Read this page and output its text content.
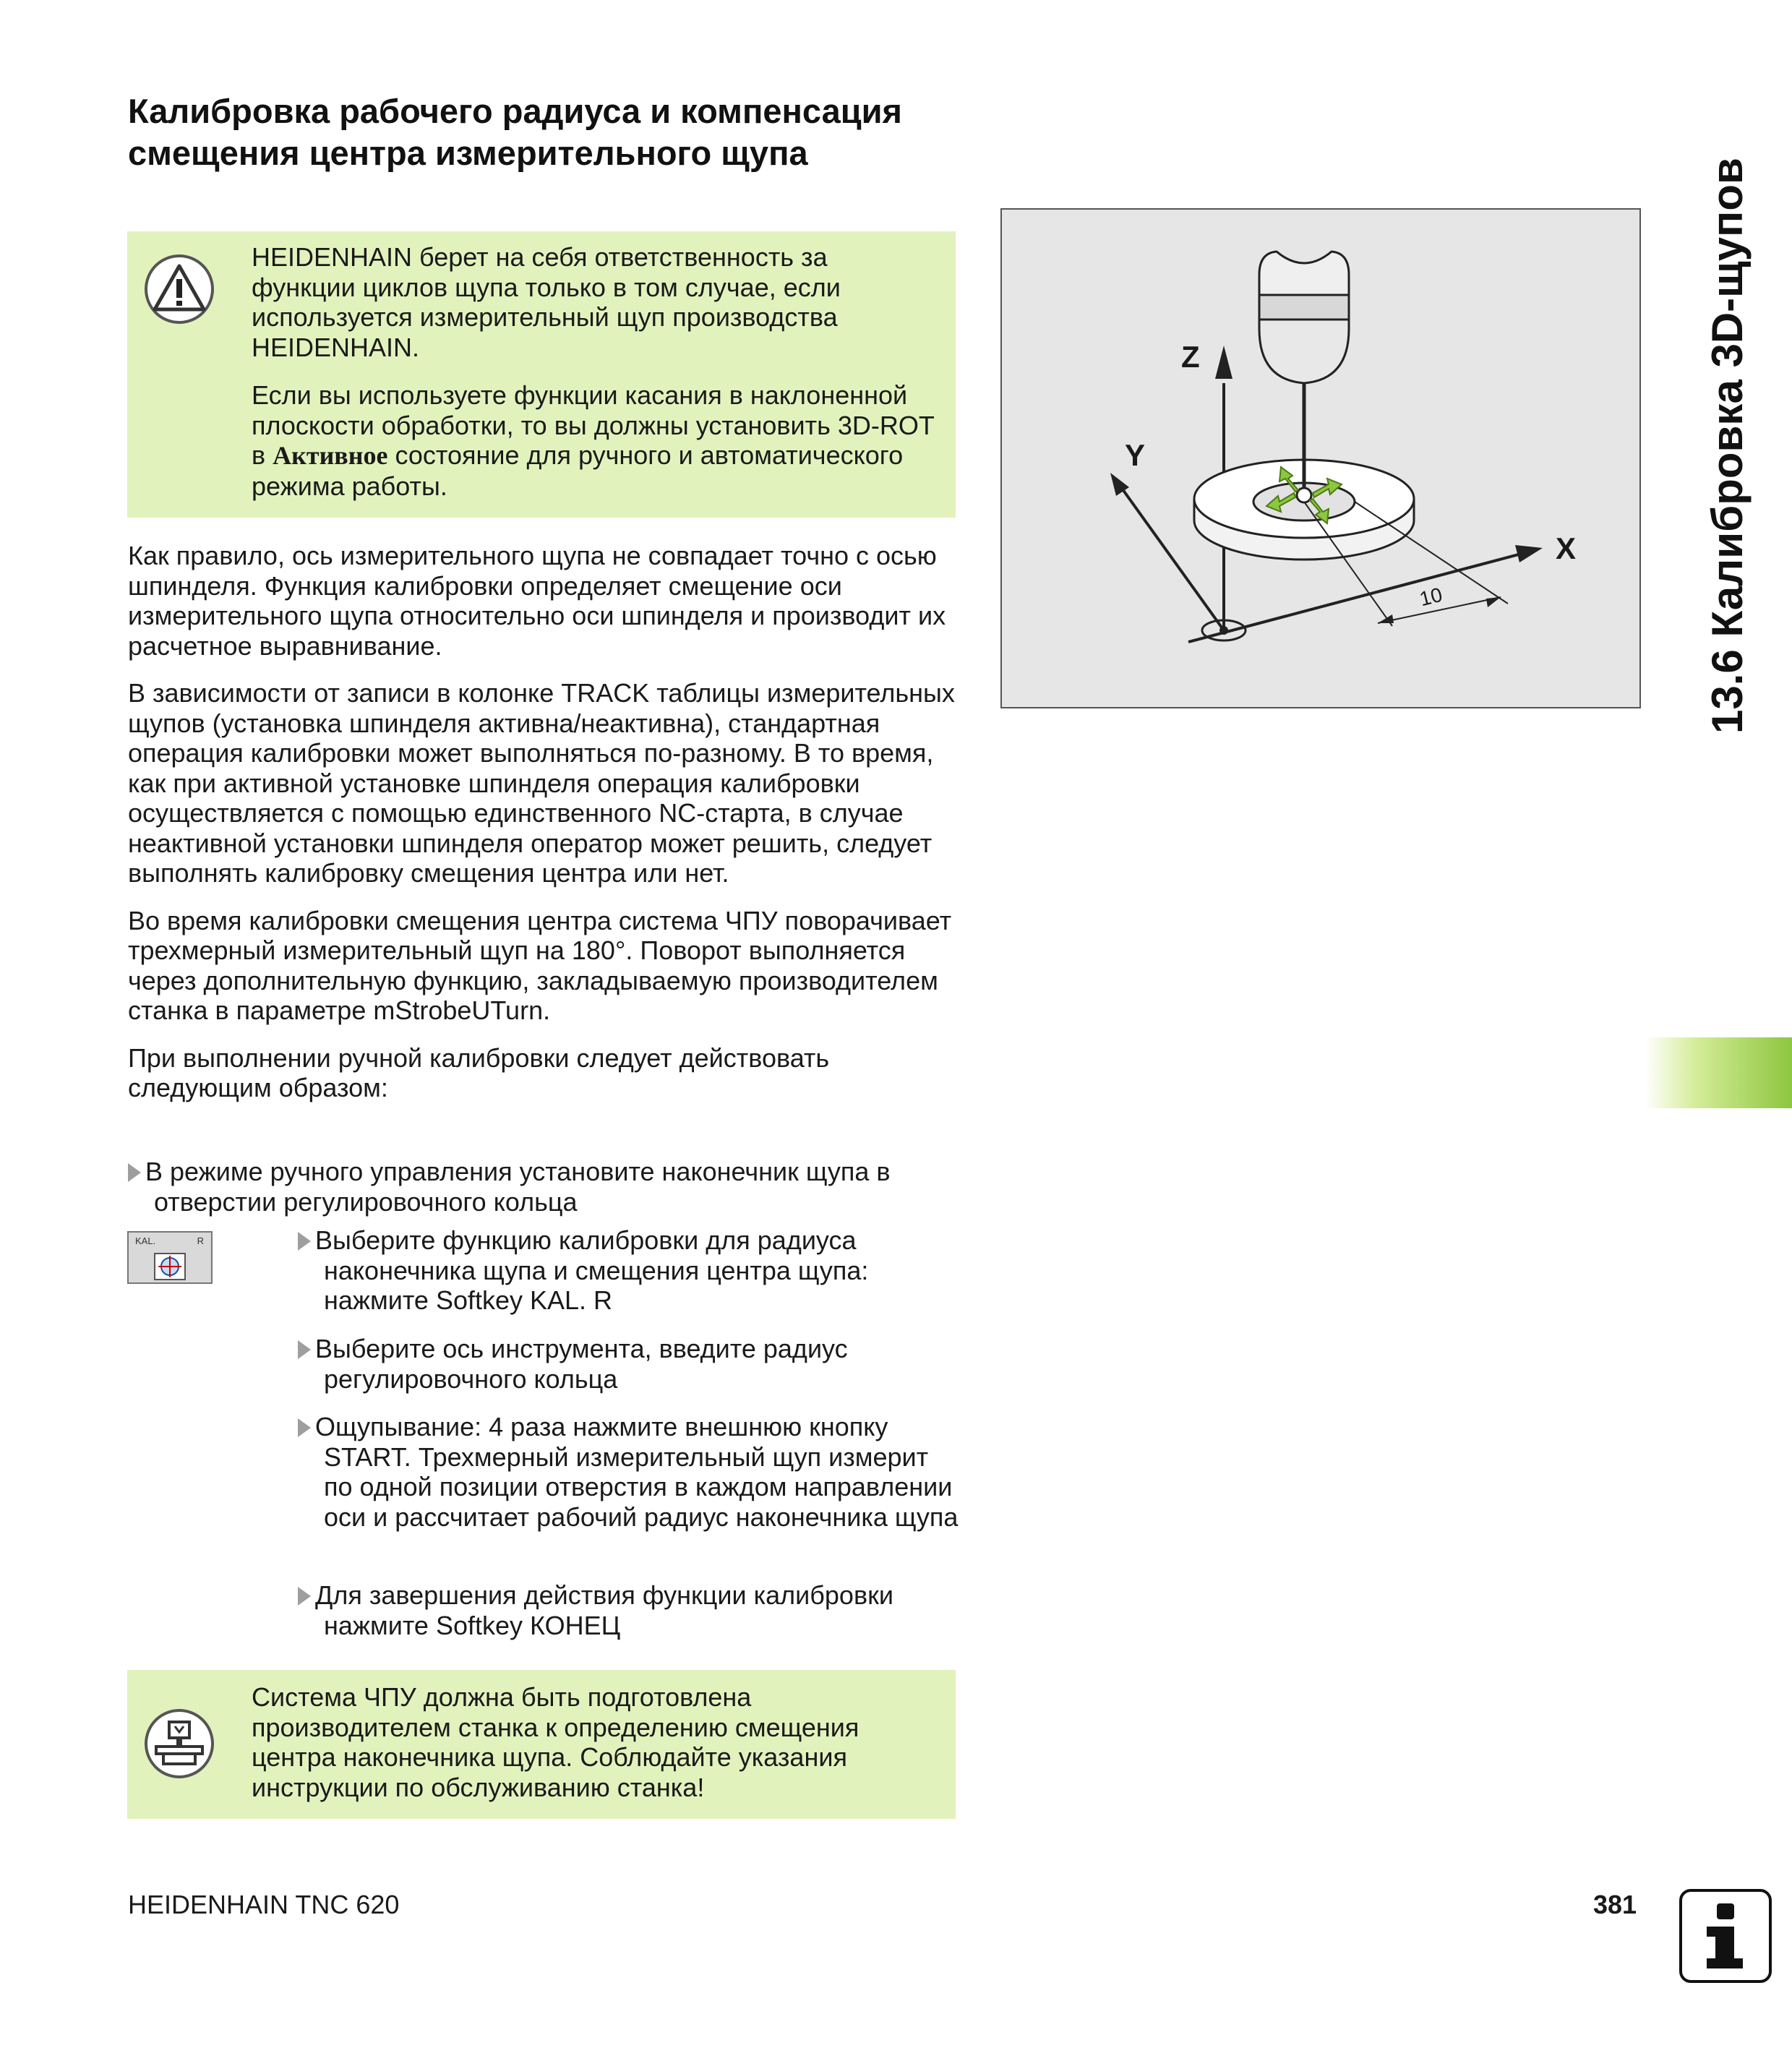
Калибровка рабочего радиуса и компенсация
смещения центра измерительного щупа

HEIDENHAIN берет на себя ответственность за функции циклов щупа только в том случае, если используется измерительный щуп производства HEIDENHAIN.

Если вы используете функции касания в наклоненной плоскости обработки, то вы должны установить 3D-ROT в Активное состояние для ручного и автоматического режима работы.

Как правило, ось измерительного щупа не совпадает точно с осью шпинделя. Функция калибровки определяет смещение оси измерительного щупа относительно оси шпинделя и производит их расчетное выравнивание.

В зависимости от записи в колонке TRACK таблицы измерительных щупов (установка шпинделя активна/неактивна), стандартная операция калибровки может выполняться по-разному. В то время, как при активной установке шпинделя операция калибровки осуществляется с помощью единственного NC-старта, в случае неактивной установки шпинделя оператор может решить, следует выполнять калибровку смещения центра или нет.

Во время калибровки смещения центра система ЧПУ поворачивает трехмерный измерительный щуп на 180°. Поворот выполняется через дополнительную функцию, закладываемую производителем станка в параметре mStrobeUTurn.

При выполнении ручной калибровки следует действовать следующим образом:

В режиме ручного управления установите наконечник щупа в отверстии регулировочного кольца
KAL.	R	Выберите функцию калибровки для радиуса наконечника щупа и смещения центра щупа: нажмите Softkey KAL. R
Выберите ось инструмента, введите радиус регулировочного кольца
Ощупывание: 4 раза нажмите внешнюю кнопку START. Трехмерный измерительный щуп измерит по одной позиции отверстия в каждом направлении оси и рассчитает рабочий радиус наконечника щупа
Для завершения действия функции калибровки нажмите Softkey КОНЕЦ
Система ЧПУ должна быть подготовлена производителем станка к определению смещения центра наконечника щупа. Соблюдайте указания инструкции по обслуживанию станка!
Z
Y
X
10	13.6 Калибровка 3D-щупов
HEIDENHAIN TNC 620	381
